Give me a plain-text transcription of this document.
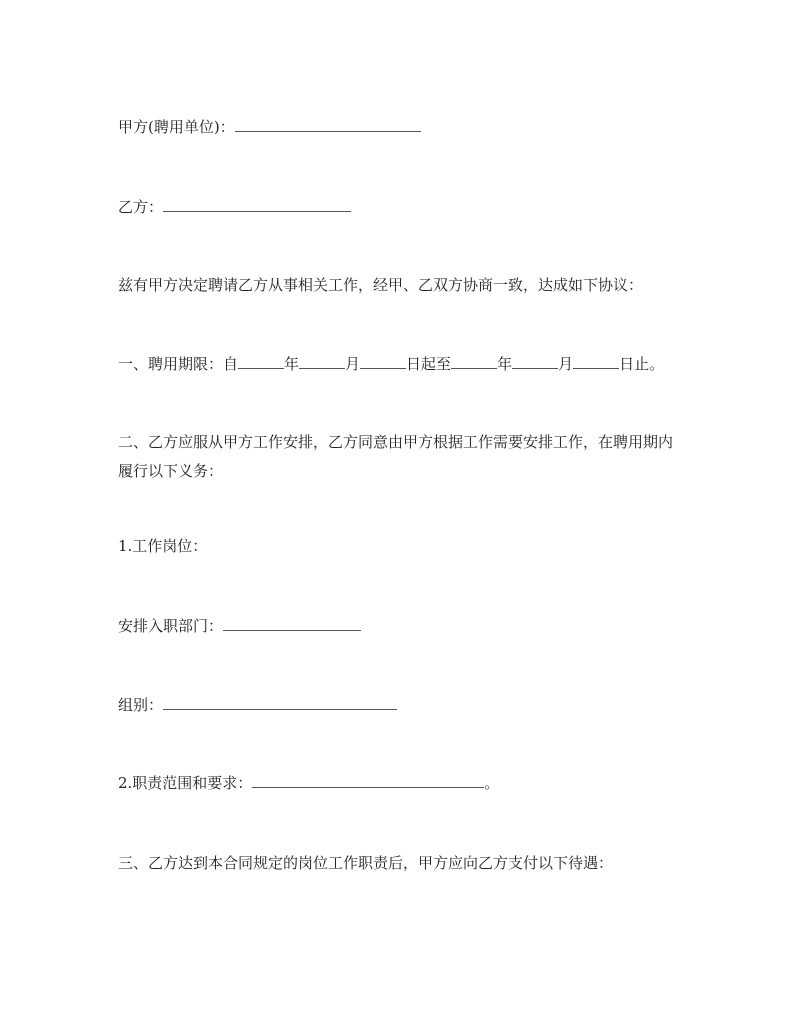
甲方(聘用单位)：
乙方：
兹有甲方决定聘请乙方从事相关工作，经甲、乙双方协商一致，达成如下协议：
一、聘用期限：自	年	月	日起至	年	月	日止。
二、乙方应服从甲方工作安排，乙方同意由甲方根据工作需要安排工作，在聘用期内履行以下义务：
1.工作岗位：
安排入职部门：
组别：
2.职责范围和要求：	。
三、乙方达到本合同规定的岗位工作职责后，甲方应向乙方支付以下待遇：
